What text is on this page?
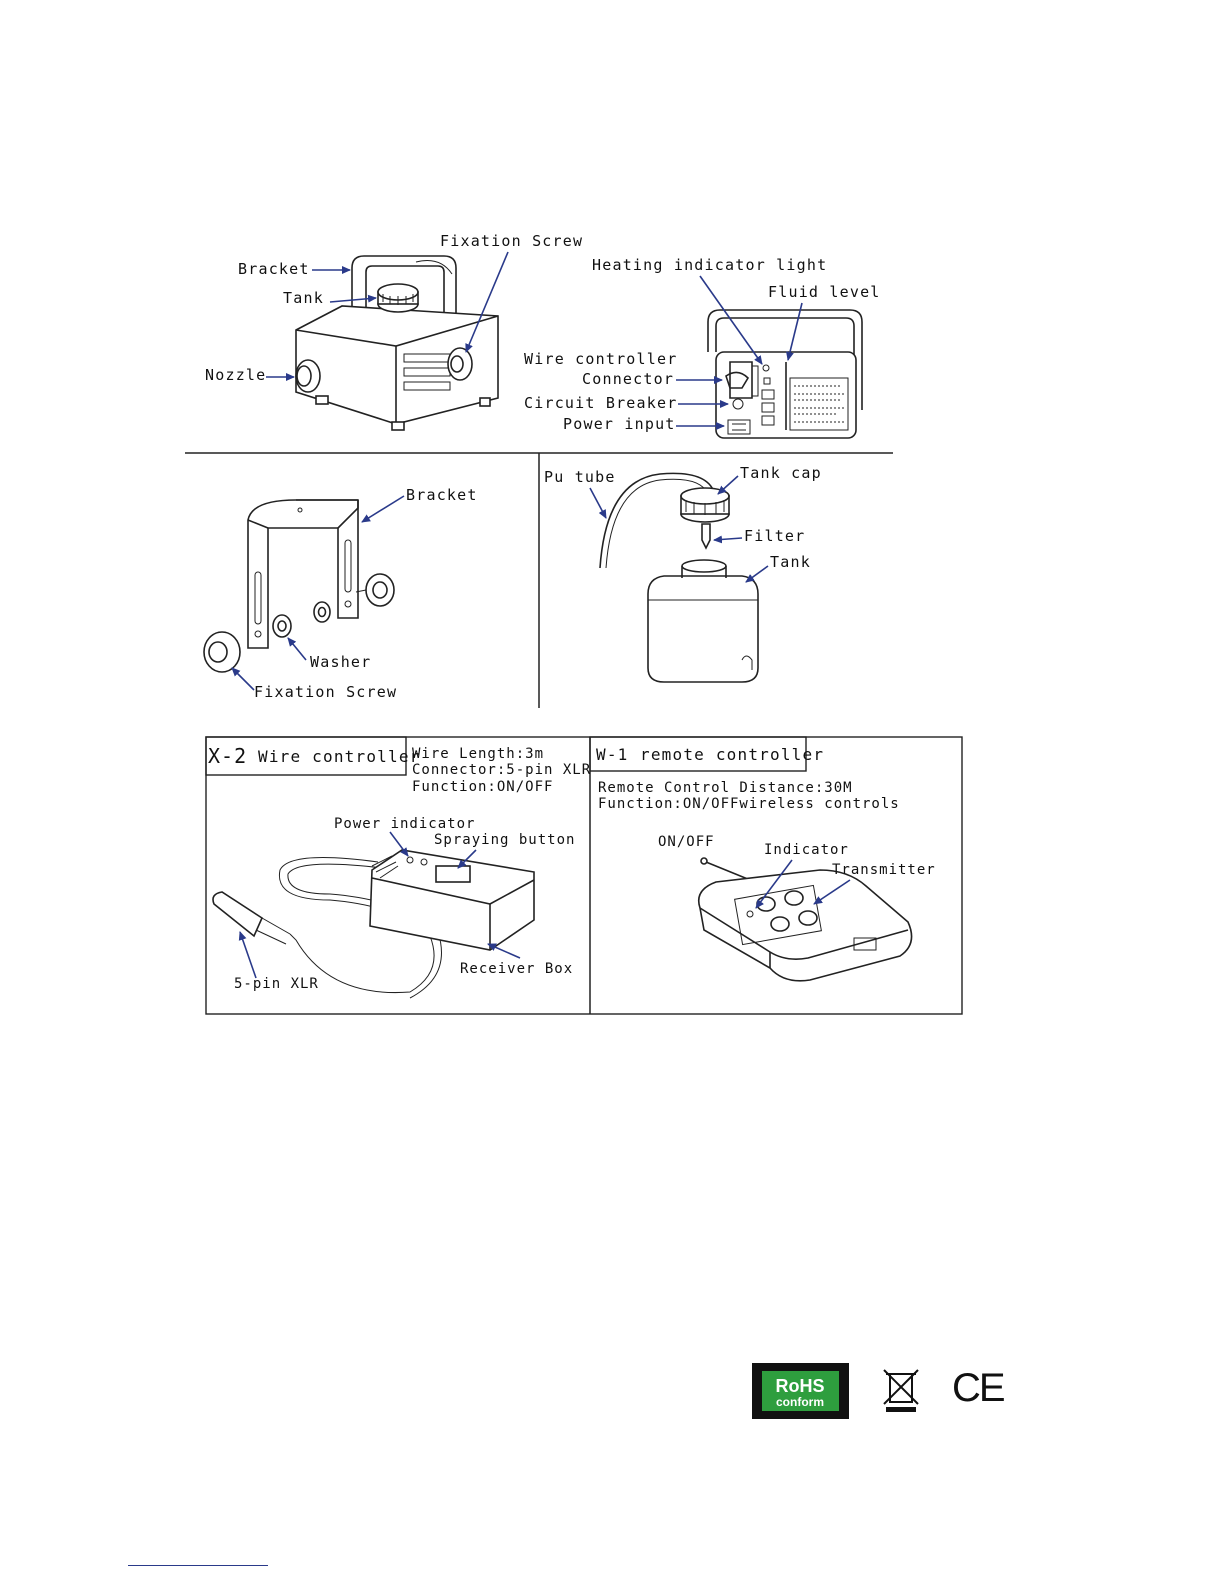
Bracket
Fixation Screw
Tank
Nozzle
Heating indicator light
Fluid level
Wire controller
Connector
Circuit Breaker
Power input
Bracket
Washer
Fixation Screw
Pu tube	Tank cap
Filter
Tank
X-2 Wire controller
Wire Length:3m
Connector:5-pin XLR
Function:ON/OFF
Power indicator
Spraying button
Receiver Box
5-pin XLR
W-1 remote controller
Remote Control Distance:30M
Function:ON/OFFwireless controls
ON/OFF	Indicator
Transmitter
RoHS
conform	CE
